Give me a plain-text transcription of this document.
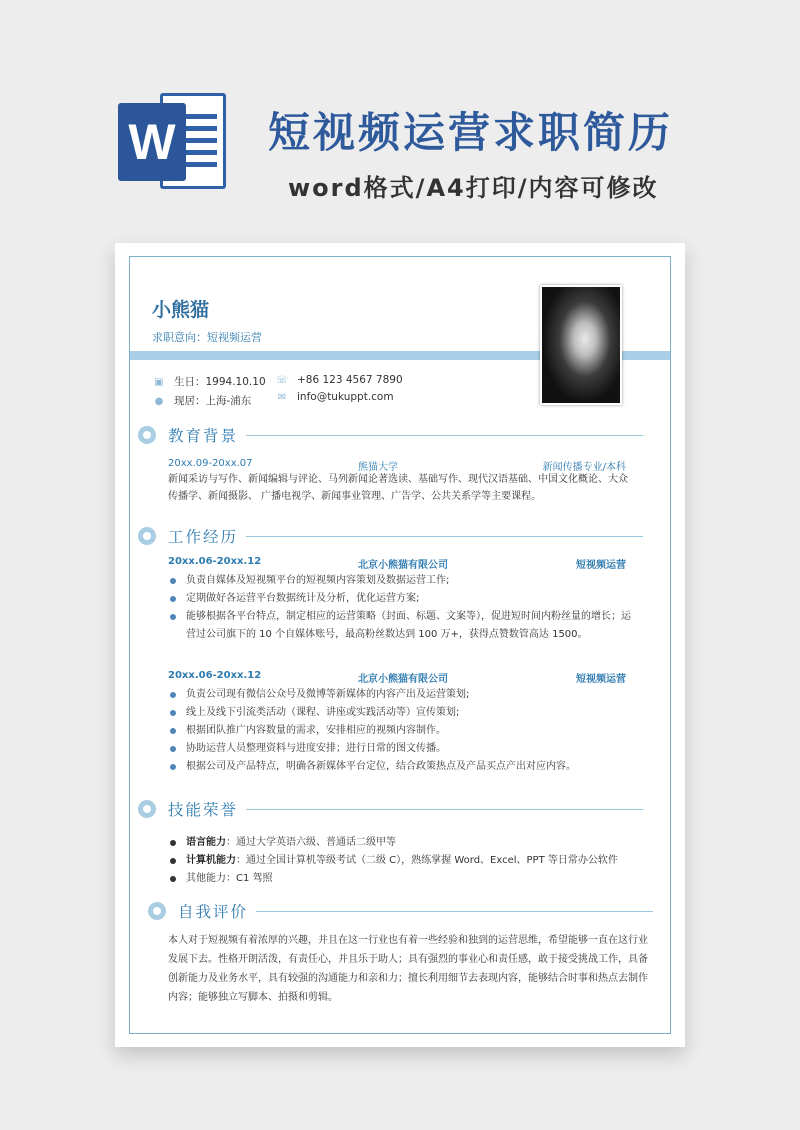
W 短视频运营求职简历
word格式/A4打印/内容可修改
小熊猫
求职意向：短视频运营
▣ 生日：1994.10.10
● 现居：上海-浦东
☏ +86 123 4567 7890
✉ info@tukuppt.com
教育背景
20xx.09-20xx.07	熊猫大学	新闻传播专业/本科
新闻采访与写作、新闻编辑与评论、马列新闻论著选读、基础写作、现代汉语基础、中国文化概论、大众传播学、新闻摄影、 广播电视学、新闻事业管理、广告学、公共关系学等主要课程。
工作经历
20xx.06-20xx.12	北京小熊猫有限公司	短视频运营
负责自媒体及短视频平台的短视频内容策划及数据运营工作;
定期做好各运营平台数据统计及分析，优化运营方案;
能够根据各平台特点，制定相应的运营策略（封面、标题、文案等），促进短时间内粉丝量的增长；运营过公司旗下的 10 个自媒体账号，最高粉丝数达到 100 万+，获得点赞数管高达 1500。
20xx.06-20xx.12	北京小熊猫有限公司	短视频运营
负责公司现有微信公众号及微博等新媒体的内容产出及运营策划;
线上及线下引流类活动（课程、讲座或实践活动等）宣传策划;
根据团队推广内容数量的需求，安排相应的视频内容制作。
协助运营人员整理资料与进度安排；进行日常的图文传播。
根据公司及产品特点，明确各新媒体平台定位，结合政策热点及产品买点产出对应内容。
技能荣誉
语言能力：通过大学英语六级、普通话二级甲等
计算机能力：通过全国计算机等级考试（二级 C），熟练掌握 Word、Excel、PPT 等日常办公软件
其他能力：C1 驾照
自我评价
本人对于短视频有着浓厚的兴趣，并且在这一行业也有着一些经验和独到的运营思维，希望能够一直在这行业发展下去。性格开朗活泼，有责任心，并且乐于助人；具有强烈的事业心和责任感，敢于接受挑战工作，具备创新能力及业务水平，具有较强的沟通能力和亲和力；擅长利用细节去表现内容，能够结合时事和热点去制作内容；能够独立写脚本、拍摄和剪辑。
